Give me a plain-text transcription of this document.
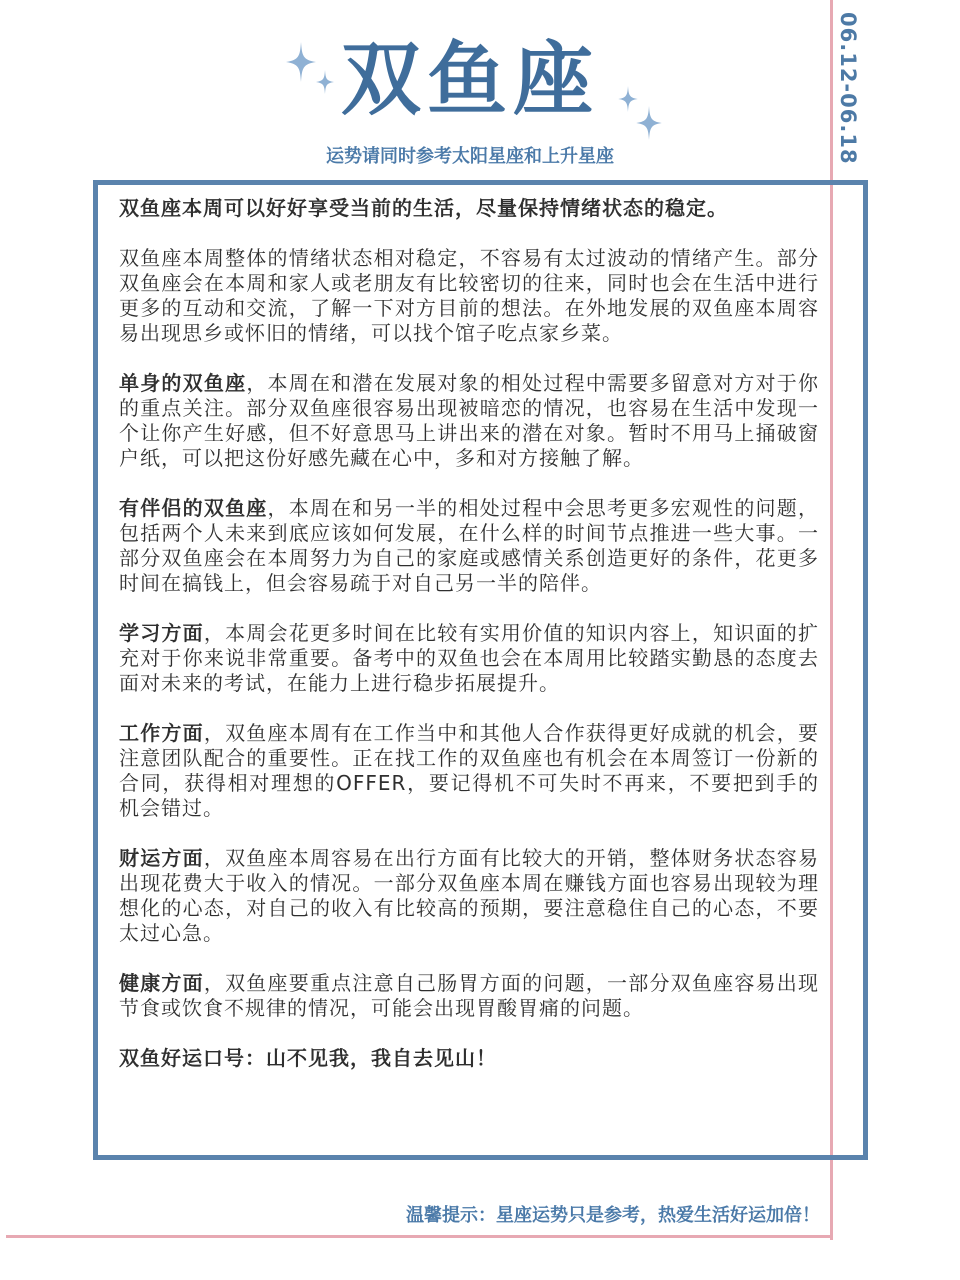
06.12-06.18
双鱼座
运势请同时参考太阳星座和上升星座

双鱼座本周可以好好享受当前的生活，尽量保持情绪状态的稳定。

双鱼座本周整体的情绪状态相对稳定，不容易有太过波动的情绪产生。部分双鱼座会在本周和家人或老朋友有比较密切的往来，同时也会在生活中进行更多的互动和交流，了解一下对方目前的想法。在外地发展的双鱼座本周容易出现思乡或怀旧的情绪，可以找个馆子吃点家乡菜。

单身的双鱼座，本周在和潜在发展对象的相处过程中需要多留意对方对于你的重点关注。部分双鱼座很容易出现被暗恋的情况，也容易在生活中发现一个让你产生好感，但不好意思马上讲出来的潜在对象。暂时不用马上捅破窗户纸，可以把这份好感先藏在心中，多和对方接触了解。

有伴侣的双鱼座，本周在和另一半的相处过程中会思考更多宏观性的问题，包括两个人未来到底应该如何发展，在什么样的时间节点推进一些大事。一部分双鱼座会在本周努力为自己的家庭或感情关系创造更好的条件，花更多时间在搞钱上，但会容易疏于对自己另一半的陪伴。

学习方面，本周会花更多时间在比较有实用价值的知识内容上，知识面的扩充对于你来说非常重要。备考中的双鱼也会在本周用比较踏实勤恳的态度去面对未来的考试，在能力上进行稳步拓展提升。

工作方面，双鱼座本周有在工作当中和其他人合作获得更好成就的机会，要注意团队配合的重要性。正在找工作的双鱼座也有机会在本周签订一份新的合同，获得相对理想的OFFER，要记得机不可失时不再来，不要把到手的机会错过。

财运方面，双鱼座本周容易在出行方面有比较大的开销，整体财务状态容易出现花费大于收入的情况。一部分双鱼座本周在赚钱方面也容易出现较为理想化的心态，对自己的收入有比较高的预期，要注意稳住自己的心态，不要太过心急。

健康方面，双鱼座要重点注意自己肠胃方面的问题，一部分双鱼座容易出现节食或饮食不规律的情况，可能会出现胃酸胃痛的问题。

双鱼好运口号：山不见我，我自去见山！

温馨提示：星座运势只是参考，热爱生活好运加倍！
